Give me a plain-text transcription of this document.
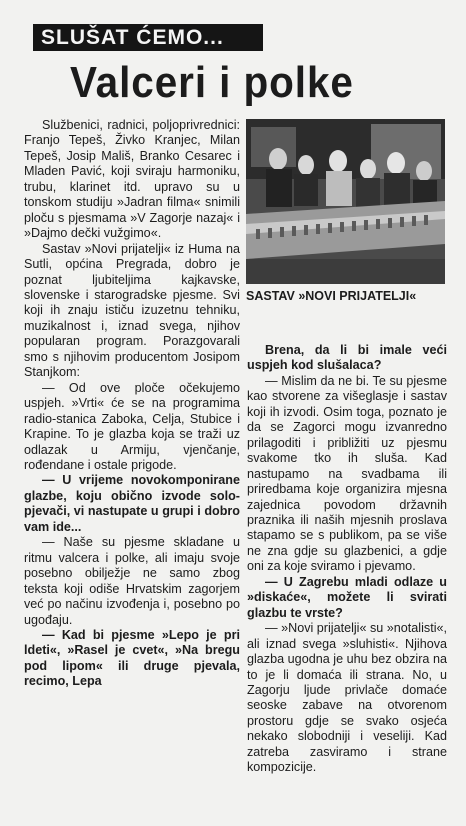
SLUŠAT ĆEMO...
Valceri i polke

Službenici, radnici, poljoprivrednici: Franjo Tepeš, Živko Kranjec, Milan Tepeš, Josip Mališ, Branko Cesarec i Mladen Pavić, koji sviraju harmoniku, trubu, klarinet itd. upravo su u tonskom studiju »Jadran filma« snimili ploču s pjesmama »V Zagorje nazaj« i »Dajmo dečki vužgimo«.

Sastav »Novi prijatelji« iz Huma na Sutli, općina Pregrada, dobro je poznat ljubiteljima kajkavske, slovenske i starogradske pjesme. Svi koji ih znaju ističu izuzetnu tehniku, muzikalnost i, iznad svega, njihov popularan program. Porazgovarali smo s njihovim producentom Josipom Stanjkom:

— Od ove ploče očekujemo uspjeh. »Vrti« će se na programima radio-stanica Zaboka, Celja, Stubice i Krapine. To je glazba koja se traži uz odlazak u Armiju, vjenčanje, rođendane i ostale prigode.

— U vrijeme novokomponirane glazbe, koju obično izvode solo-pjevači, vi nastupate u grupi i dobro vam ide...

— Naše su pjesme skladane u ritmu valcera i polke, ali imaju svoje posebno obilježje ne samo zbog teksta koji odiše Hrvatskim zagorjem već po načinu izvođenja i, posebno po ugođaju.

— Kad bi pjesme »Lepo je pri ldeti«, »Rasel je cvet«, »Na bregu pod lipom« ili druge pjevala, recimo, Lepa

SASTAV »NOVI PRIJATELJI«

Brena, da li bi imale veći uspjeh kod slušalaca?

— Mislim da ne bi. Te su pjesme kao stvorene za višeglasje i sastav koji ih izvodi. Osim toga, poznato je da se Zagorci mogu izvanredno prilagoditi i približiti uz pjesmu svakome tko ih sluša. Kad nastupamo na svadbama ili priredbama koje organizira mjesna zajednica povodom državnih praznika ili naših mjesnih proslava stapamo se s publikom, pa se više ne zna gdje su glazbenici, a gdje oni za koje sviramo i pjevamo.

— U Zagrebu mladi odlaze u »diskaće«, možete li svirati glazbu te vrste?

— »Novi prijatelji« su »notalisti«, ali iznad svega »sluhisti«. Njihova glazba ugodna je uhu bez obzira na to je li domaća ili strana. No, u Zagorju ljude privlače domaće seoske zabave na otvorenom prostoru gdje se svako osjeća nekako slobodniji i veseliji. Kad zatreba zasviramo i strane kompozicije.
